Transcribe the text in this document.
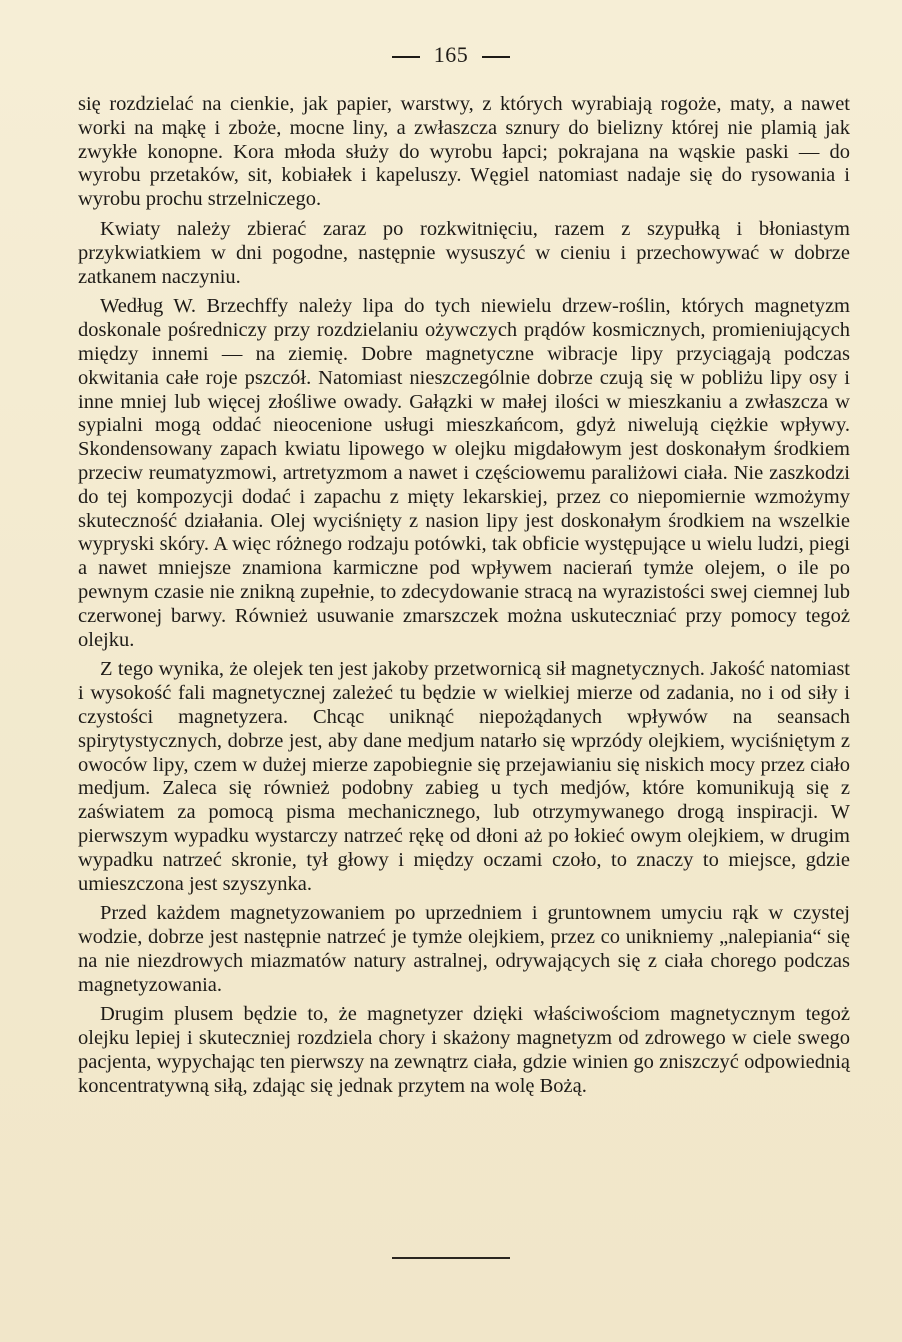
165

się rozdzielać na cienkie, jak papier, warstwy, z których wyrabiają rogoże, maty, a nawet worki na mąkę i zboże, mocne liny, a zwłaszcza sznury do bielizny której nie plamią jak zwykłe konopne. Kora młoda służy do wyrobu łapci; pokrajana na wąskie paski — do wyrobu przetaków, sit, kobiałek i kapeluszy. Węgiel natomiast nadaje się do rysowania i wyrobu prochu strzelniczego.

Kwiaty należy zbierać zaraz po rozkwitnięciu, razem z szypułką i błoniastym przykwiatkiem w dni pogodne, następnie wysuszyć w cieniu i przechowywać w dobrze zatkanem naczyniu.

Według W. Brzechffy należy lipa do tych niewielu drzew-roślin, których magnetyzm doskonale pośredniczy przy rozdzielaniu ożywczych prądów kosmicznych, promieniujących między innemi — na ziemię. Dobre magnetyczne wibracje lipy przyciągają podczas okwitania całe roje pszczół. Natomiast nieszczególnie dobrze czują się w pobliżu lipy osy i inne mniej lub więcej złośliwe owady. Gałązki w małej ilości w mieszkaniu a zwłaszcza w sypialni mogą oddać nieocenione usługi mieszkańcom, gdyż niwelują ciężkie wpływy. Skondensowany zapach kwiatu lipowego w olejku migdałowym jest doskonałym środkiem przeciw reumatyzmowi, artretyzmom a nawet i częściowemu paraliżowi ciała. Nie zaszkodzi do tej kompozycji dodać i zapachu z mięty lekarskiej, przez co niepomiernie wzmożymy skuteczność działania. Olej wyciśnięty z nasion lipy jest doskonałym środkiem na wszelkie wypryski skóry. A więc różnego rodzaju potówki, tak obficie występujące u wielu ludzi, piegi a nawet mniejsze znamiona karmiczne pod wpływem nacierań tymże olejem, o ile po pewnym czasie nie znikną zupełnie, to zdecydowanie stracą na wyrazistości swej ciemnej lub czerwonej barwy. Również usuwanie zmarszczek można uskuteczniać przy pomocy tegoż olejku.

Z tego wynika, że olejek ten jest jakoby przetwornicą sił magnetycznych. Jakość natomiast i wysokość fali magnetycznej zależeć tu będzie w wielkiej mierze od zadania, no i od siły i czystości magnetyzera. Chcąc uniknąć niepożądanych wpływów na seansach spirytystycznych, dobrze jest, aby dane medjum natarło się wprzódy olejkiem, wyciśniętym z owoców lipy, czem w dużej mierze zapobiegnie się przejawianiu się niskich mocy przez ciało medjum. Zaleca się również podobny zabieg u tych medjów, które komunikują się z zaświatem za pomocą pisma mechanicznego, lub otrzymywanego drogą inspiracji. W pierwszym wypadku wystarczy natrzeć rękę od dłoni aż po łokieć owym olejkiem, w drugim wypadku natrzeć skronie, tył głowy i między oczami czoło, to znaczy to miejsce, gdzie umieszczona jest szyszynka.

Przed każdem magnetyzowaniem po uprzedniem i gruntownem umyciu rąk w czystej wodzie, dobrze jest następnie natrzeć je tymże olejkiem, przez co unikniemy „nalepiania“ się na nie niezdrowych miazmatów natury astralnej, odrywających się z ciała chorego podczas magnetyzowania.

Drugim plusem będzie to, że magnetyzer dzięki właściwościom magnetycznym tegoż olejku lepiej i skuteczniej rozdziela chory i skażony magnetyzm od zdrowego w ciele swego pacjenta, wypychając ten pierwszy na zewnątrz ciała, gdzie winien go zniszczyć odpowiednią koncentratywną siłą, zdając się jednak przytem na wolę Bożą.
